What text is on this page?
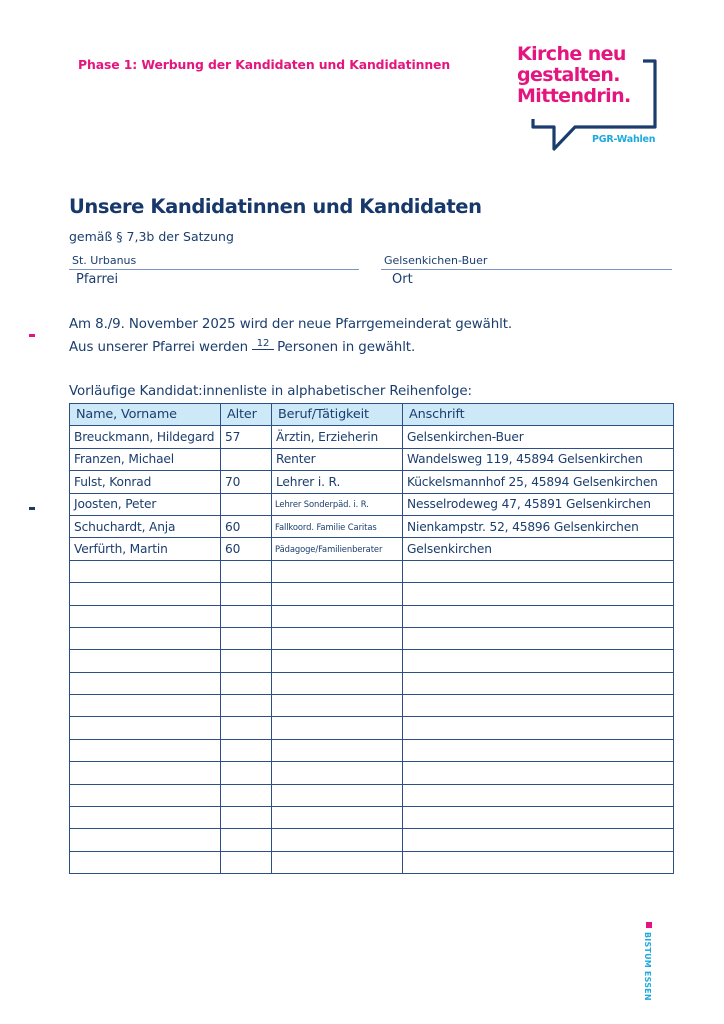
Phase 1: Werbung der Kandidaten und Kandidatinnen	Kirche neu
gestalten.
Mittendrin.
PGR-Wahlen
Unsere Kandidatinnen und Kandidaten
gemäß § 7,3b der Satzung
St. Urbanus
Pfarrei
Gelsenkichen-Buer
Ort
Am 8./9. November 2025 wird der neue Pfarrgemeinderat gewählt.
Aus unserer Pfarrei werden 12 Personen in gewählt.
Vorläufige Kandidat:innenliste in alphabetischer Reihenfolge:
Name, Vorname	Alter	Beruf/Tätigkeit	Anschrift
Breuckmann, Hildegard	57	Ärztin, Erzieherin	Gelsenkirchen-Buer
Franzen, Michael		Renter	Wandelsweg 119, 45894 Gelsenkirchen
Fulst, Konrad	70	Lehrer i. R.	Kückelsmannhof 25, 45894 Gelsenkirchen
Joosten, Peter		Lehrer Sonderpäd. i. R.	Nesselrodeweg 47, 45891 Gelsenkirchen
Schuchardt, Anja	60	Fallkoord. Familie Caritas	Nienkampstr. 52, 45896 Gelsenkirchen
Verfürth, Martin	60	Pädagoge/Familienberater	Gelsenkirchen

BISTUM ESSEN
